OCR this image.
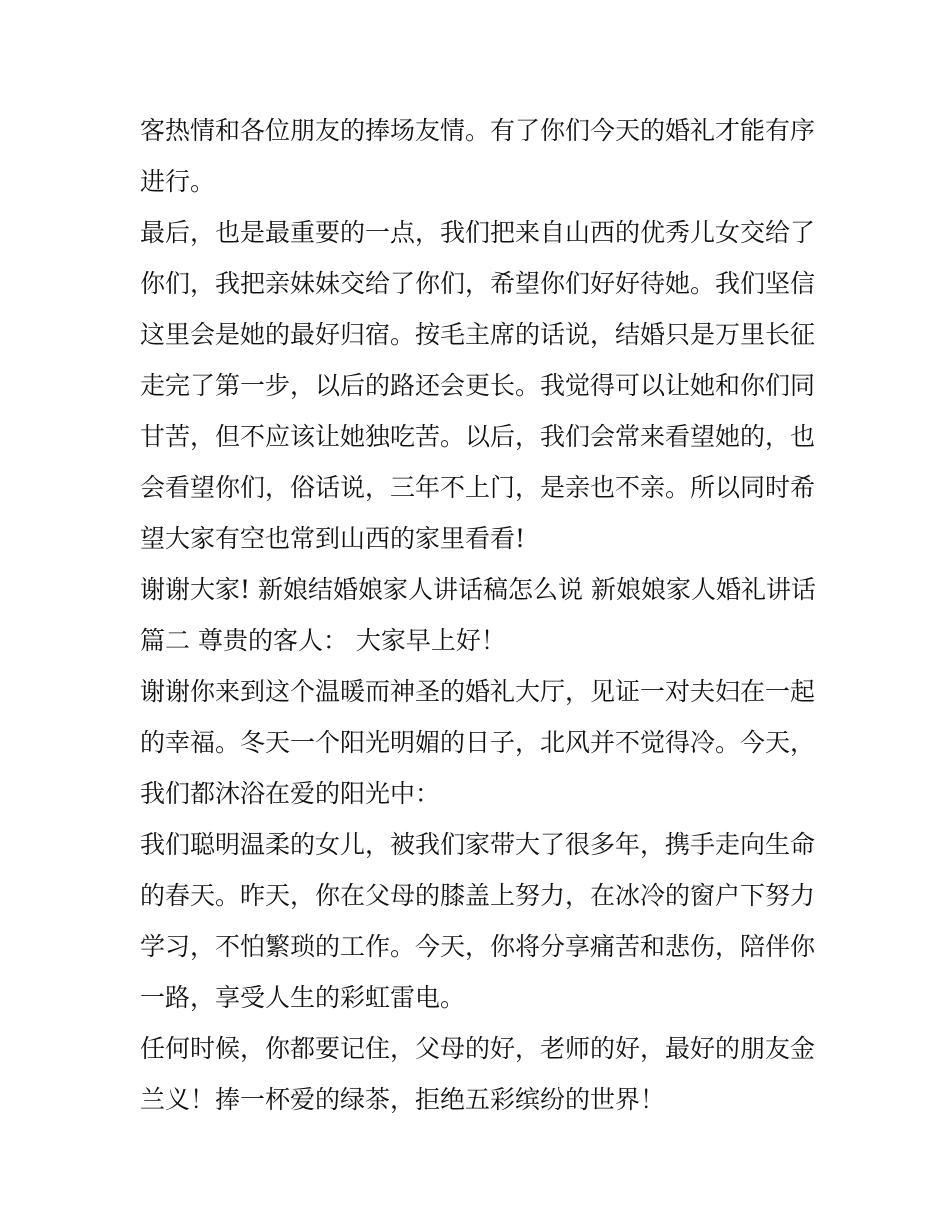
客热情和各位朋友的捧场友情。有了你们今天的婚礼才能有序
进行。
最后，也是最重要的一点，我们把来自山西的优秀儿女交给了
你们，我把亲妹妹交给了你们，希望你们好好待她。我们坚信
这里会是她的最好归宿。按毛主席的话说，结婚只是万里长征
走完了第一步，以后的路还会更长。我觉得可以让她和你们同
甘苦，但不应该让她独吃苦。以后，我们会常来看望她的，也
会看望你们，俗话说，三年不上门，是亲也不亲。所以同时希
望大家有空也常到山西的家里看看!
谢谢大家! 新娘结婚娘家人讲话稿怎么说 新娘娘家人婚礼讲话
篇二 尊贵的客人： 大家早上好！
谢谢你来到这个温暖而神圣的婚礼大厅，见证一对夫妇在一起
的幸福。冬天一个阳光明媚的日子，北风并不觉得冷。今天，
我们都沐浴在爱的阳光中：
我们聪明温柔的女儿，被我们家带大了很多年，携手走向生命
的春天。昨天，你在父母的膝盖上努力，在冰冷的窗户下努力
学习，不怕繁琐的工作。今天，你将分享痛苦和悲伤，陪伴你
一路，享受人生的彩虹雷电。
任何时候，你都要记住，父母的好，老师的好，最好的朋友金
兰义！捧一杯爱的绿茶，拒绝五彩缤纷的世界！
